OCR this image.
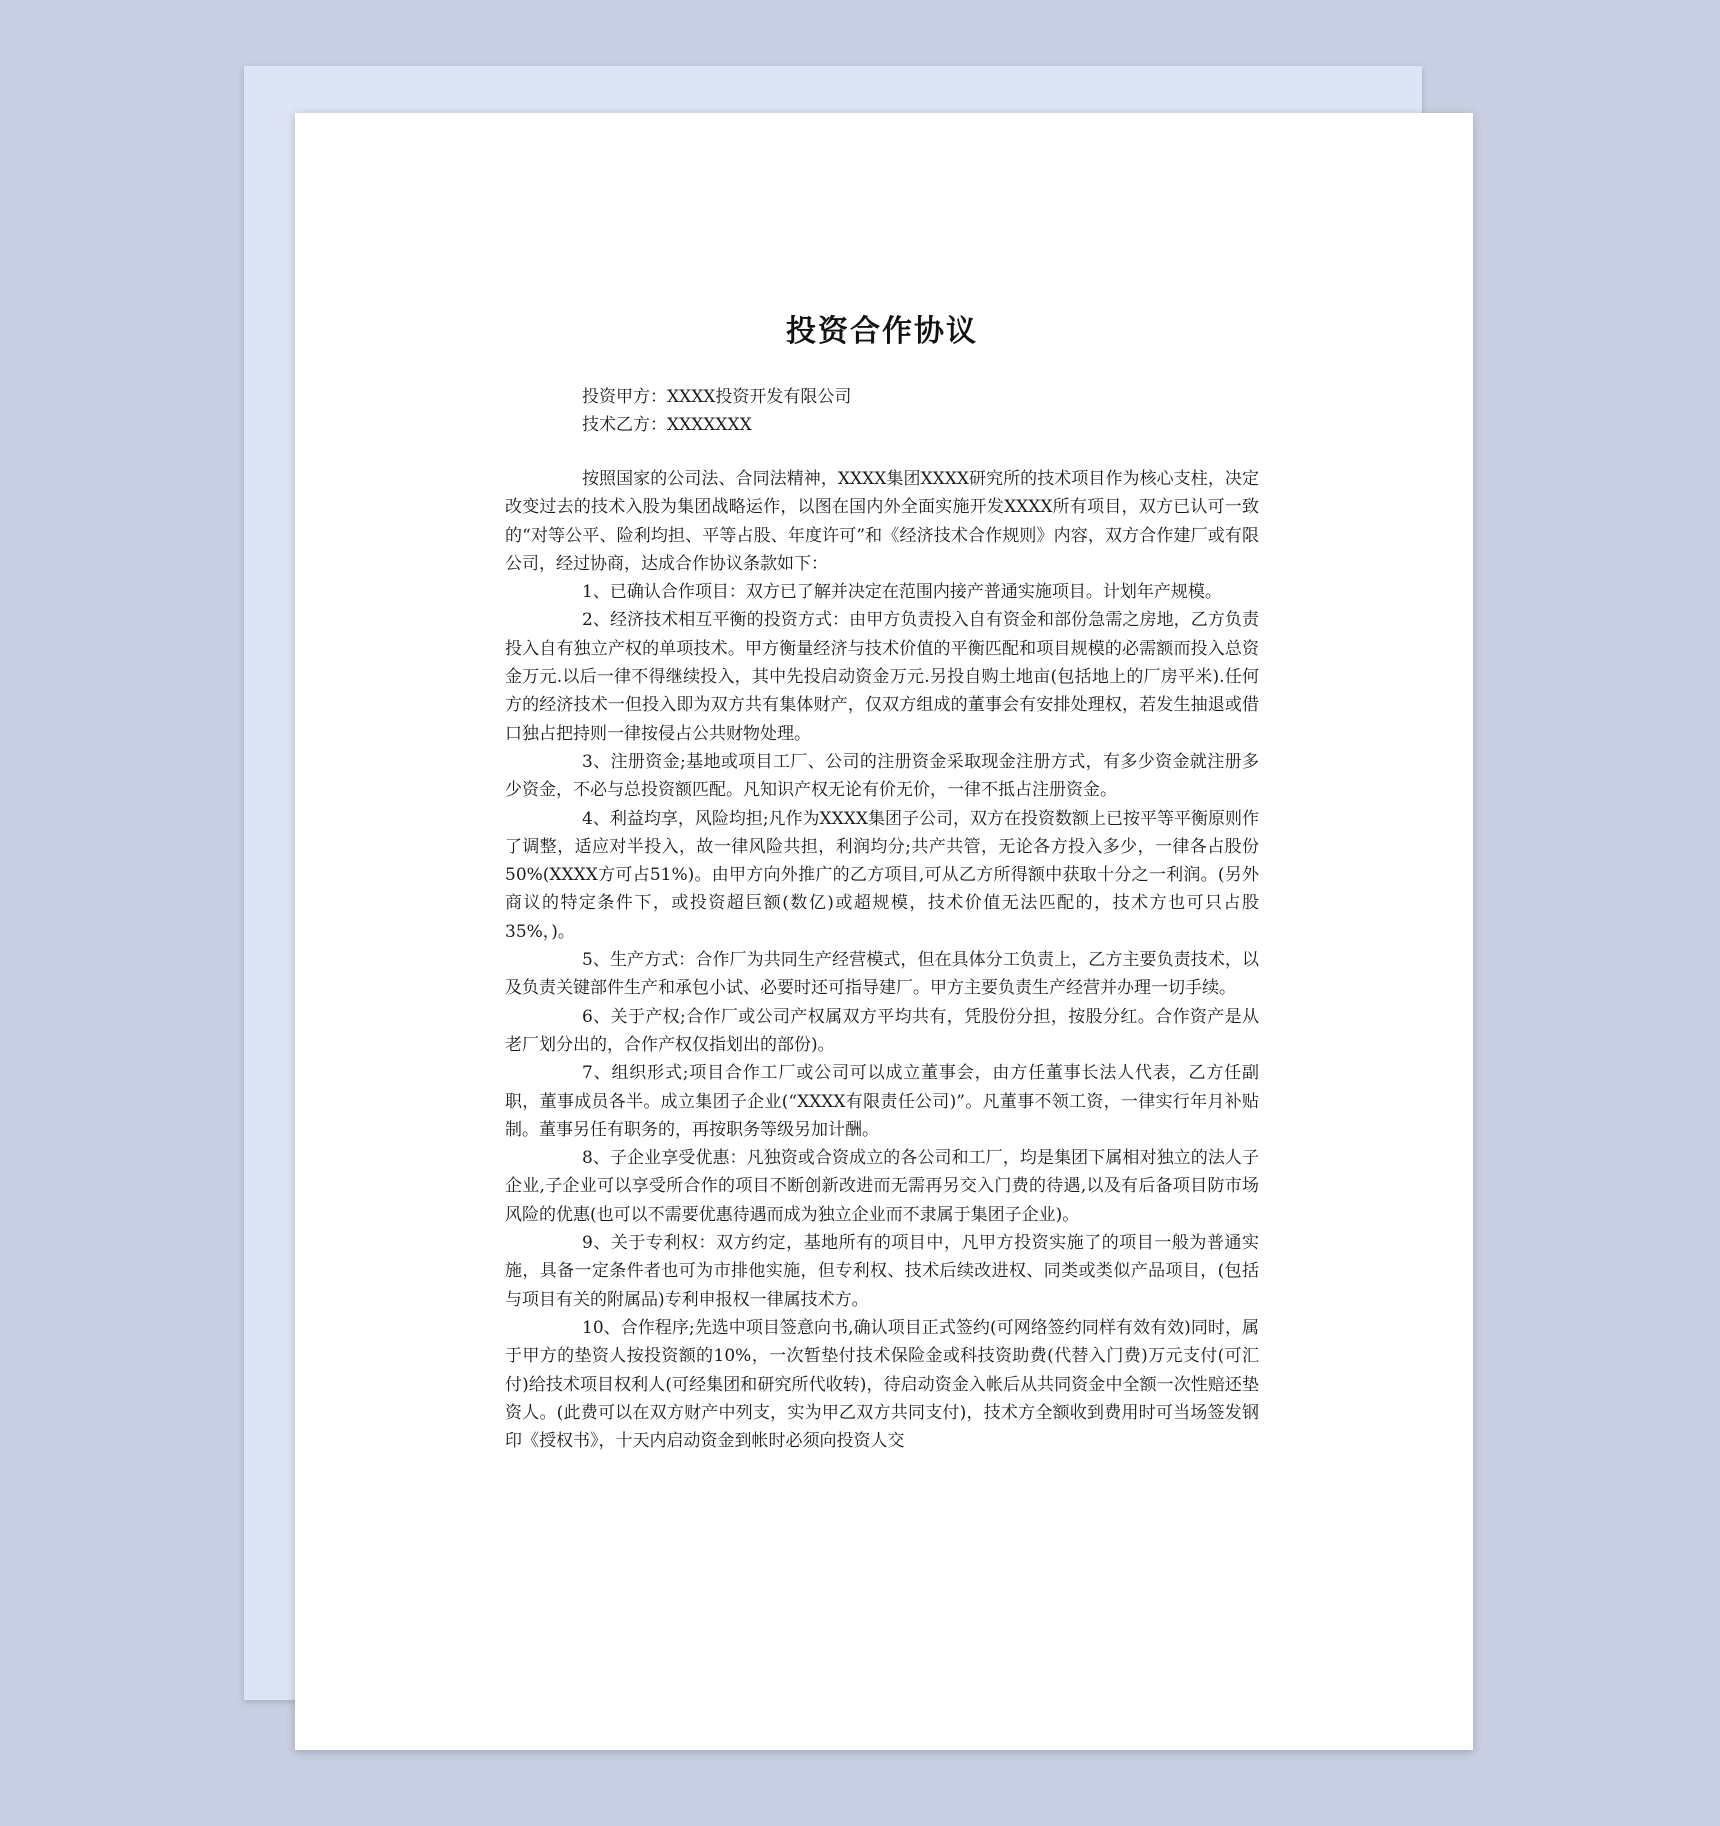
投资合作协议
投资甲方：XXXX投资开发有限公司
技术乙方：XXXXXXX

按照国家的公司法、合同法精神，XXXX集团XXXX研究所的技术项目作为核心支柱，决定改变过去的技术入股为集团战略运作，以图在国内外全面实施开发XXXX所有项目，双方已认可一致的“对等公平、险利均担、平等占股、年度许可”和《经济技术合作规则》内容，双方合作建厂或有限公司，经过协商，达成合作协议条款如下：

1、已确认合作项目：双方已了解并决定在范围内接产普通实施项目。计划年产规模。

2、经济技术相互平衡的投资方式：由甲方负责投入自有资金和部份急需之房地，乙方负责投入自有独立产权的单项技术。甲方衡量经济与技术价值的平衡匹配和项目规模的必需额而投入总资金万元.以后一律不得继续投入，其中先投启动资金万元.另投自购土地亩(包括地上的厂房平米).任何方的经济技术一但投入即为双方共有集体财产，仅双方组成的董事会有安排处理权，若发生抽退或借口独占把持则一律按侵占公共财物处理。

3、注册资金;基地或项目工厂、公司的注册资金采取现金注册方式，有多少资金就注册多少资金，不必与总投资额匹配。凡知识产权无论有价无价，一律不抵占注册资金。

4、利益均享，风险均担;凡作为XXXX集团子公司，双方在投资数额上已按平等平衡原则作了调整，适应对半投入，故一律风险共担，利润均分;共产共管，无论各方投入多少，一律各占股份50%(XXXX方可占51%)。由甲方向外推广的乙方项目,可从乙方所得额中获取十分之一利润。(另外商议的特定条件下，或投资超巨额(数亿)或超规模，技术价值无法匹配的，技术方也可只占股35%，)。

5、生产方式：合作厂为共同生产经营模式，但在具体分工负责上，乙方主要负责技术，以及负责关键部件生产和承包小试、必要时还可指导建厂。甲方主要负责生产经营并办理一切手续。

6、关于产权;合作厂或公司产权属双方平均共有，凭股份分担，按股分红。合作资产是从老厂划分出的，合作产权仅指划出的部份)。

7、组织形式;项目合作工厂或公司可以成立董事会，由方任董事长法人代表，乙方任副职，董事成员各半。成立集团子企业(“XXXX有限责任公司)”。凡董事不领工资，一律实行年月补贴制。董事另任有职务的，再按职务等级另加计酬。

8、子企业享受优惠：凡独资或合资成立的各公司和工厂，均是集团下属相对独立的法人子企业,子企业可以享受所合作的项目不断创新改进而无需再另交入门费的待遇,以及有后备项目防市场风险的优惠(也可以不需要优惠待遇而成为独立企业而不隶属于集团子企业)。

9、关于专利权：双方约定，基地所有的项目中，凡甲方投资实施了的项目一般为普通实施，具备一定条件者也可为市排他实施，但专利权、技术后续改进权、同类或类似产品项目，(包括与项目有关的附属品)专利申报权一律属技术方。

10、合作程序;先选中项目签意向书,确认项目正式签约(可网络签约同样有效有效)同时，属于甲方的垫资人按投资额的10%，一次暂垫付技术保险金或科技资助费(代替入门费)万元支付(可汇付)给技术项目权利人(可经集团和研究所代收转)，待启动资金入帐后从共同资金中全额一次性赔还垫资人。(此费可以在双方财产中列支，实为甲乙双方共同支付)，技术方全额收到费用时可当场签发钢印《授权书》，十天内启动资金到帐时必须向投资人交
